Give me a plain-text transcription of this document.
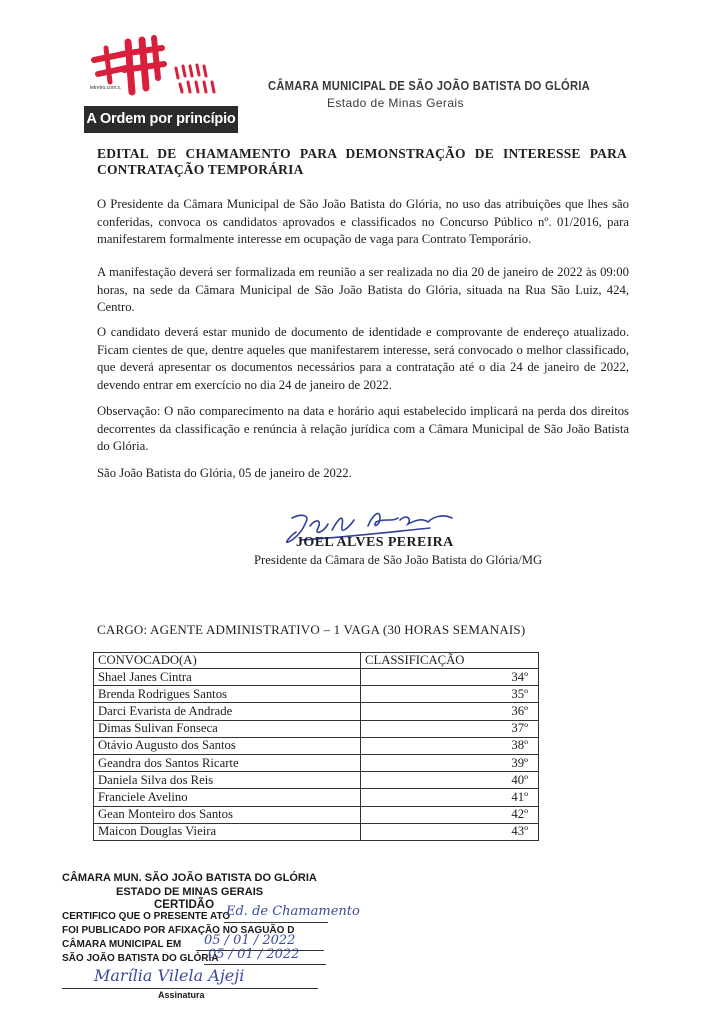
letreiro.com.s.
A Ordem por princípio
CÂMARA MUNICIPAL DE SÃO JOÃO BATISTA DO GLÓRIA
Estado de Minas Gerais
EDITAL DE CHAMAMENTO PARA DEMONSTRAÇÃO DE INTERESSE PARA CONTRATAÇÃO TEMPORÁRIA
O Presidente da Câmara Municipal de São João Batista do Glória, no uso das atribuições que lhes são conferidas, convoca os candidatos aprovados e classificados no Concurso Público nº. 01/2016, para manifestarem formalmente interesse em ocupação de vaga para Contrato Temporário.
A manifestação deverá ser formalizada em reunião a ser realizada no dia 20 de janeiro de 2022 às 09:00 horas, na sede da Câmara Municipal de São João Batista do Glória, situada na Rua São Luiz, 424, Centro.
O candidato deverá estar munido de documento de identidade e comprovante de endereço atualizado. Ficam cientes de que, dentre aqueles que manifestarem interesse, será convocado o melhor classificado, que deverá apresentar os documentos necessários para a contratação até o dia 24 de janeiro de 2022, devendo entrar em exercício no dia 24 de janeiro de 2022.
Observação: O não comparecimento na data e horário aqui estabelecido implicará na perda dos direitos decorrentes da classificação e renúncia à relação jurídica com a Câmara Municipal de São João Batista do Glória.
São João Batista do Glória, 05 de janeiro de 2022.
JOEL ALVES PEREIRA
Presidente da Câmara de São João Batista do Glória/MG
CARGO: AGENTE ADMINISTRATIVO – 1 VAGA (30 HORAS SEMANAIS)
CONVOCADO(A)	CLASSIFICAÇÃO
Shael Janes Cintra	34º
Brenda Rodrigues Santos	35º
Darci Evarista de Andrade	36º
Dimas Sulivan Fonseca	37º
Otávio Augusto dos Santos	38º
Geandra dos Santos Ricarte	39º
Daniela Silva dos Reis	40º
Franciele Avelino	41º
Gean Monteiro dos Santos	42º
Maicon Douglas Vieira	43º
CÂMARA MUN. SÃO JOÃO BATISTA DO GLÓRIA
ESTADO DE MINAS GERAIS
CERTIDÃO
CERTIFICO QUE O PRESENTE ATO
Ed. de Chamamento
FOI PUBLICADO POR AFIXAÇÃO NO SAGUÃO D
CÂMARA MUNICIPAL EM 05 / 01 / 2022
SÃO JOÃO BATISTA DO GLÓRIA
05 / 01 / 2022
Marília Vilela Ajeji
Assinatura
